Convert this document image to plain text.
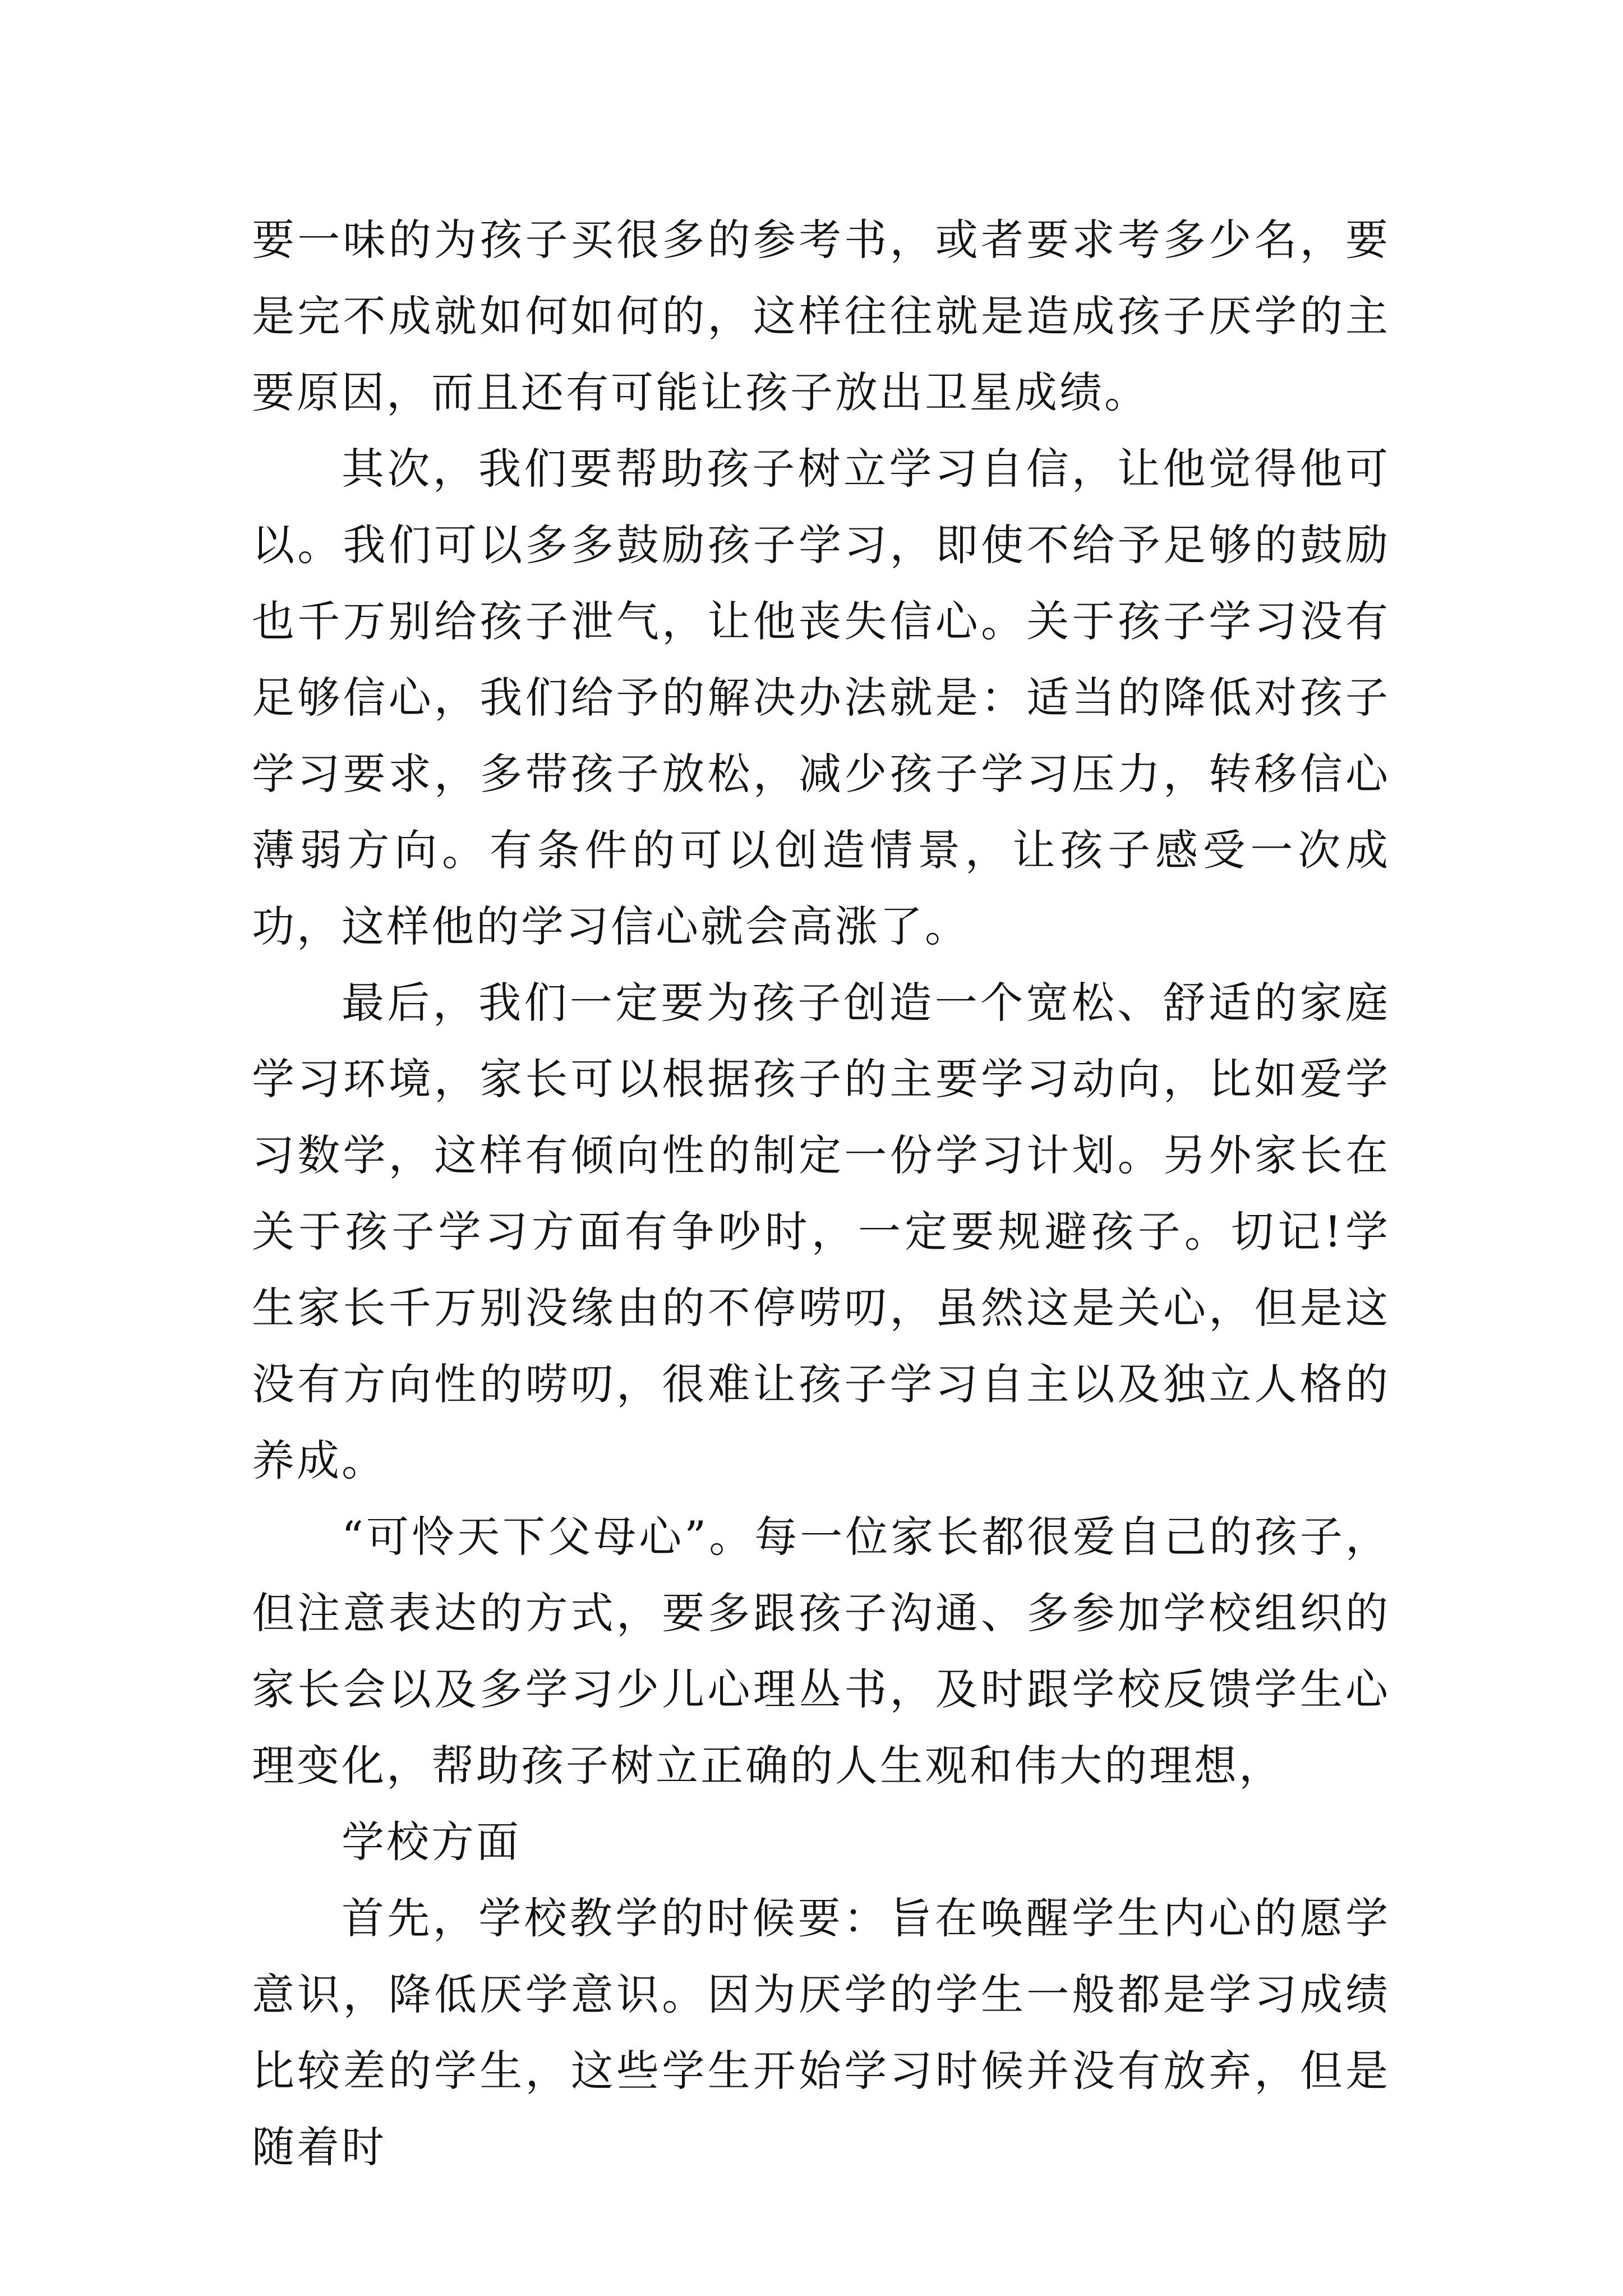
要一味的为孩子买很多的参考书，或者要求考多少名，要是完不成就如何如何的，这样往往就是造成孩子厌学的主要原因，而且还有可能让孩子放出卫星成绩。

其次，我们要帮助孩子树立学习自信，让他觉得他可以。我们可以多多鼓励孩子学习，即使不给予足够的鼓励也千万别给孩子泄气，让他丧失信心。关于孩子学习没有足够信心，我们给予的解决办法就是：适当的降低对孩子学习要求，多带孩子放松，减少孩子学习压力，转移信心薄弱方向。有条件的可以创造情景，让孩子感受一次成功，这样他的学习信心就会高涨了。

最后，我们一定要为孩子创造一个宽松、舒适的家庭学习环境，家长可以根据孩子的主要学习动向，比如爱学习数学，这样有倾向性的制定一份学习计划。另外家长在关于孩子学习方面有争吵时，一定要规避孩子。切记!学生家长千万别没缘由的不停唠叨，虽然这是关心，但是这没有方向性的唠叨，很难让孩子学习自主以及独立人格的养成。

“可怜天下父母心”。每一位家长都很爱自己的孩子，但注意表达的方式，要多跟孩子沟通、多参加学校组织的家长会以及多学习少儿心理丛书，及时跟学校反馈学生心理变化，帮助孩子树立正确的人生观和伟大的理想，

学校方面

首先，学校教学的时候要：旨在唤醒学生内心的愿学意识，降低厌学意识。因为厌学的学生一般都是学习成绩比较差的学生，这些学生开始学习时候并没有放弃，但是随着时
